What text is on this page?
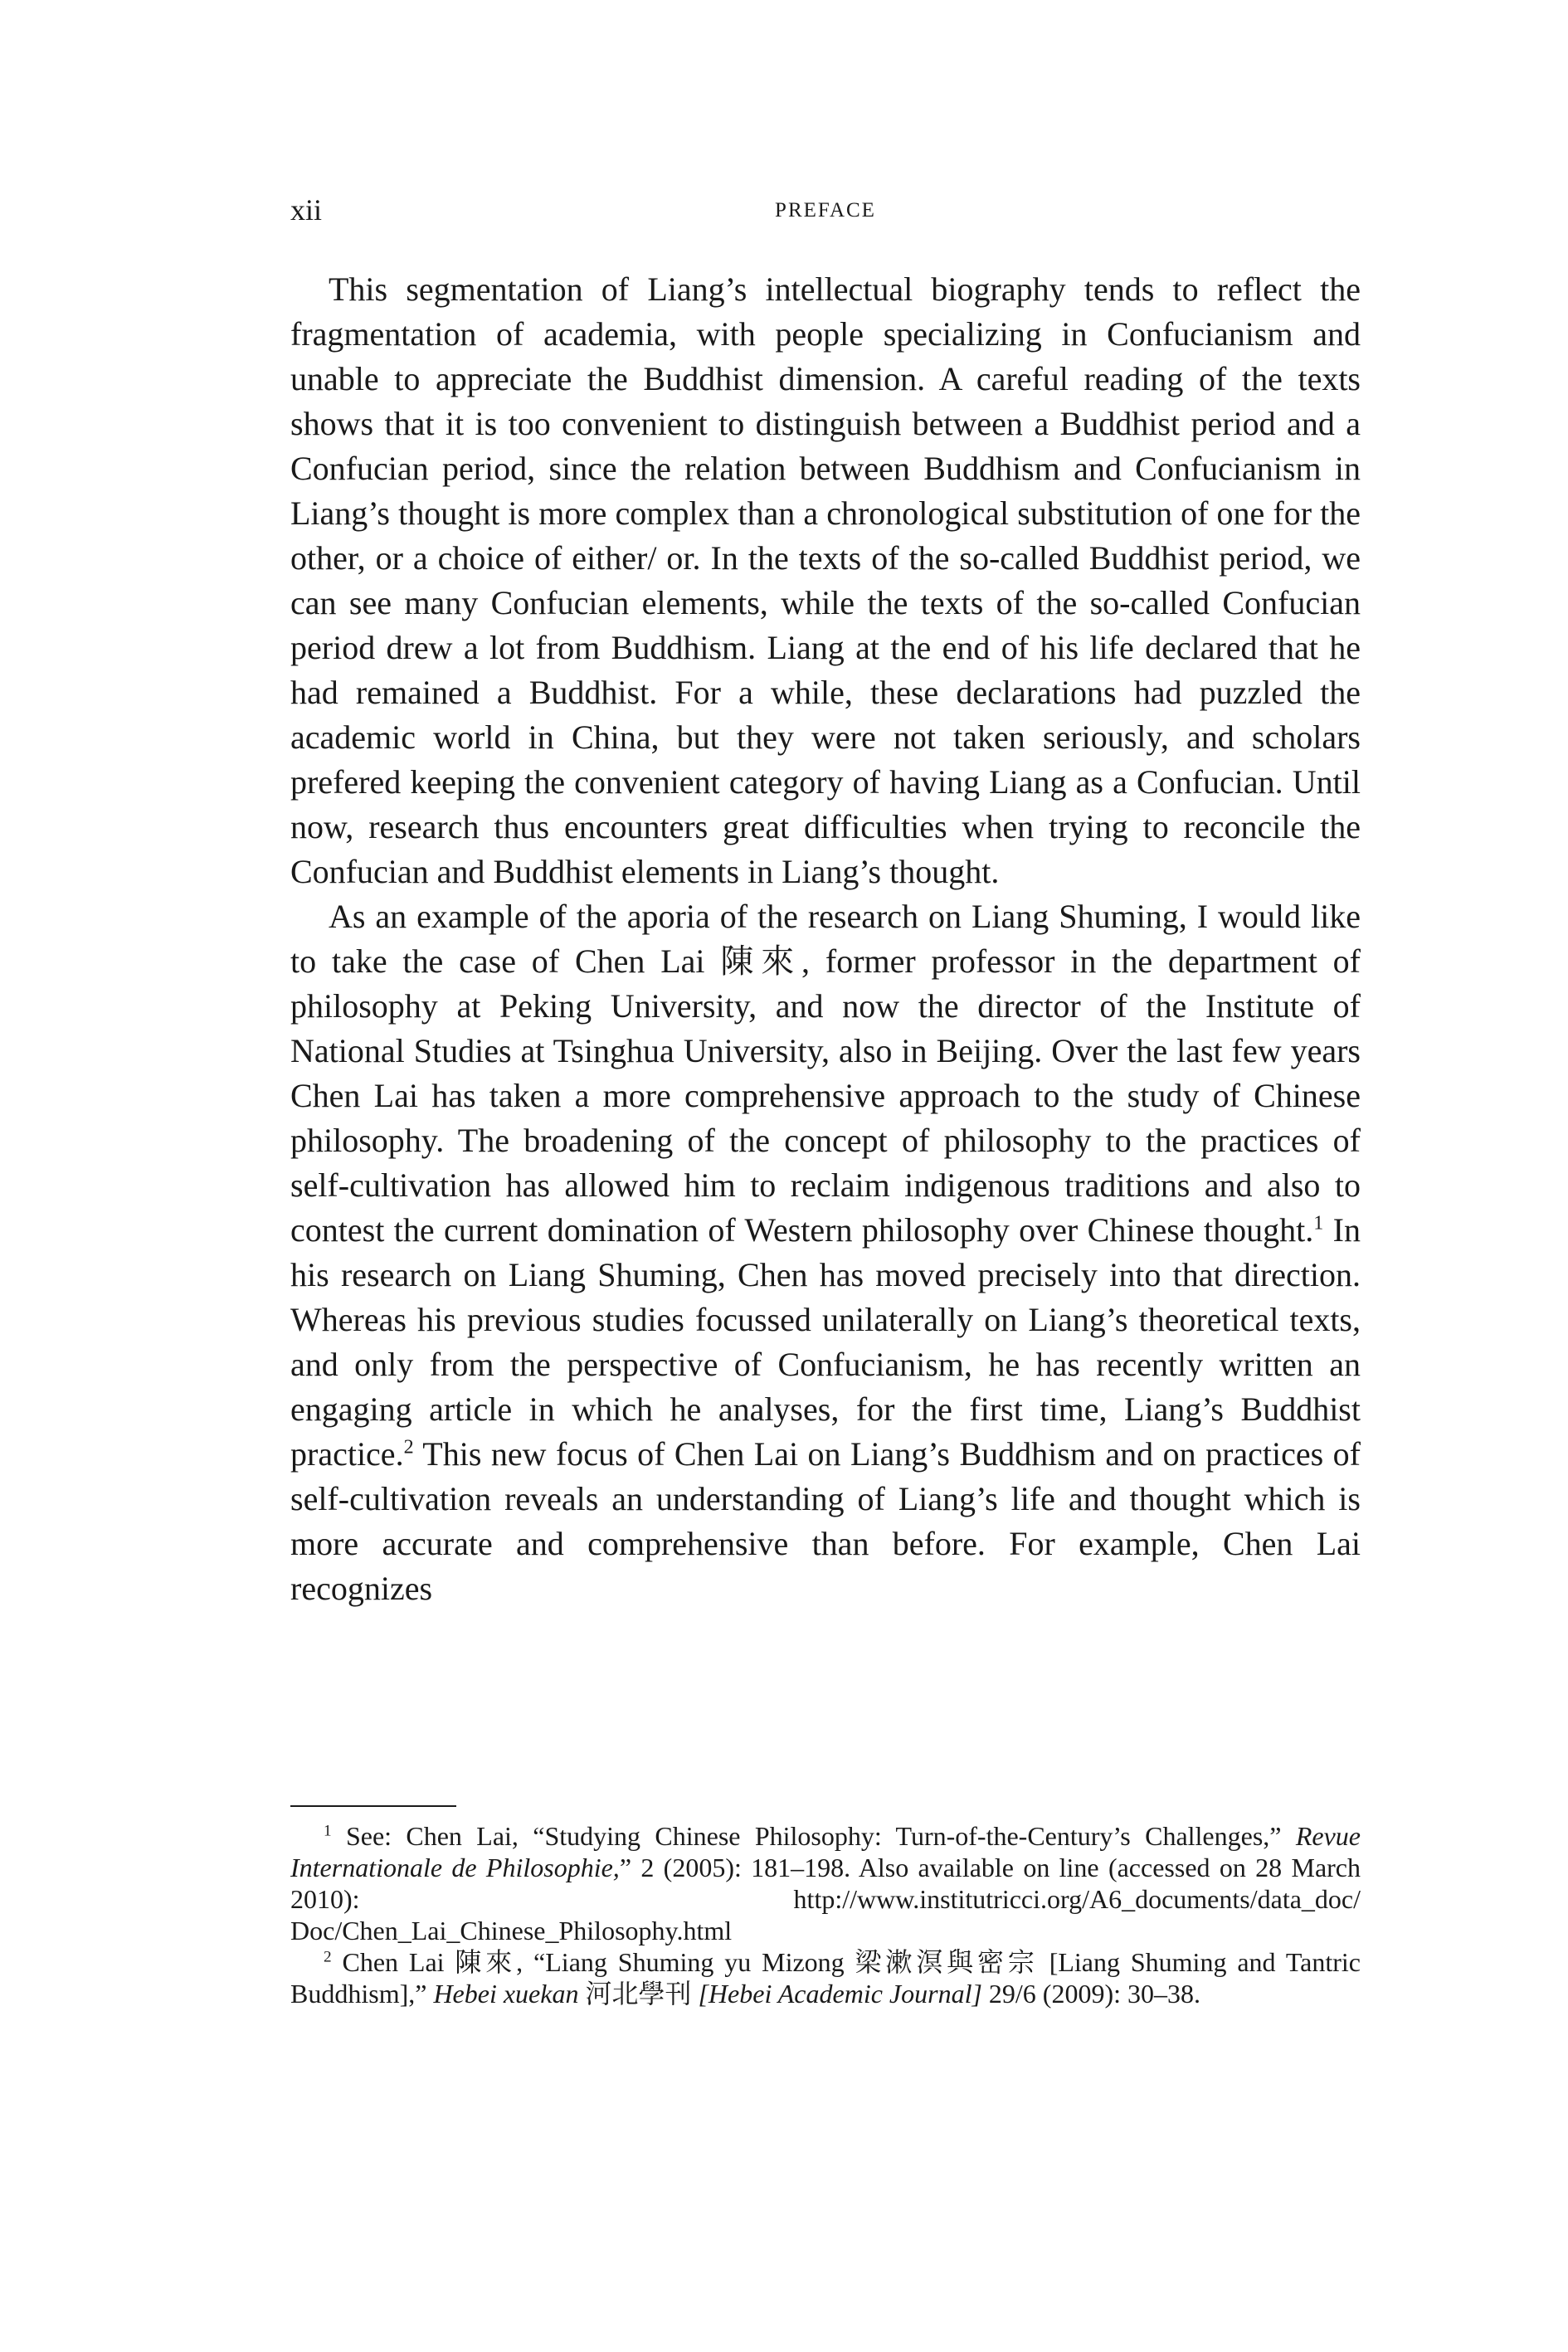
xii	PREFACE

This segmentation of Liang’s intellectual biography tends to reflect the fragmentation of academia, with people specializing in Confucianism and unable to appreciate the Buddhist dimension. A careful reading of the texts shows that it is too convenient to distinguish between a Buddhist period and a Confucian period, since the relation between Buddhism and Confucianism in Liang’s thought is more complex than a chronological substitution of one for the other, or a choice of either/ or. In the texts of the so-called Buddhist period, we can see many Confucian elements, while the texts of the so-called Confucian period drew a lot from Buddhism. Liang at the end of his life declared that he had remained a Buddhist. For a while, these declarations had puzzled the academic world in China, but they were not taken seriously, and scholars prefered keeping the convenient category of having Liang as a Confucian. Until now, research thus encounters great difficulties when trying to reconcile the Confucian and Buddhist elements in Liang’s thought.

As an example of the aporia of the research on Liang Shuming, I would like to take the case of Chen Lai 陳來, former professor in the department of philosophy at Peking University, and now the director of the Institute of National Studies at Tsinghua University, also in Beijing. Over the last few years Chen Lai has taken a more comprehensive approach to the study of Chinese philosophy. The broadening of the concept of philosophy to the practices of self-cultivation has allowed him to reclaim indigenous traditions and also to contest the current domination of Western philosophy over Chinese thought.$^1$ In his research on Liang Shuming, Chen has moved precisely into that direction. Whereas his previous studies focussed unilaterally on Liang’s theoretical texts, and only from the perspective of Confucianism, he has recently written an engaging article in which he analyses, for the first time, Liang’s Buddhist practice.$^2$ This new focus of Chen Lai on Liang’s Buddhism and on practices of self-cultivation reveals an understanding of Liang’s life and thought which is more accurate and comprehensive than before. For example, Chen Lai recognizes

$^1$ See: Chen Lai, “Studying Chinese Philosophy: Turn-of-the-Century’s Challenges,” Revue Internationale de Philosophie,” 2 (2005): 181–198. Also available on line (accessed on 28 March 2010): http://www.institutricci.org/A6_documents/data_doc/ Doc/Chen_Lai_Chinese_Philosophy.html

$^2$ Chen Lai 陳來, “Liang Shuming yu Mizong 梁漱溟與密宗 [Liang Shuming and Tantric Buddhism],” Hebei xuekan 河北學刊 [Hebei Academic Journal] 29/6 (2009): 30–38.
